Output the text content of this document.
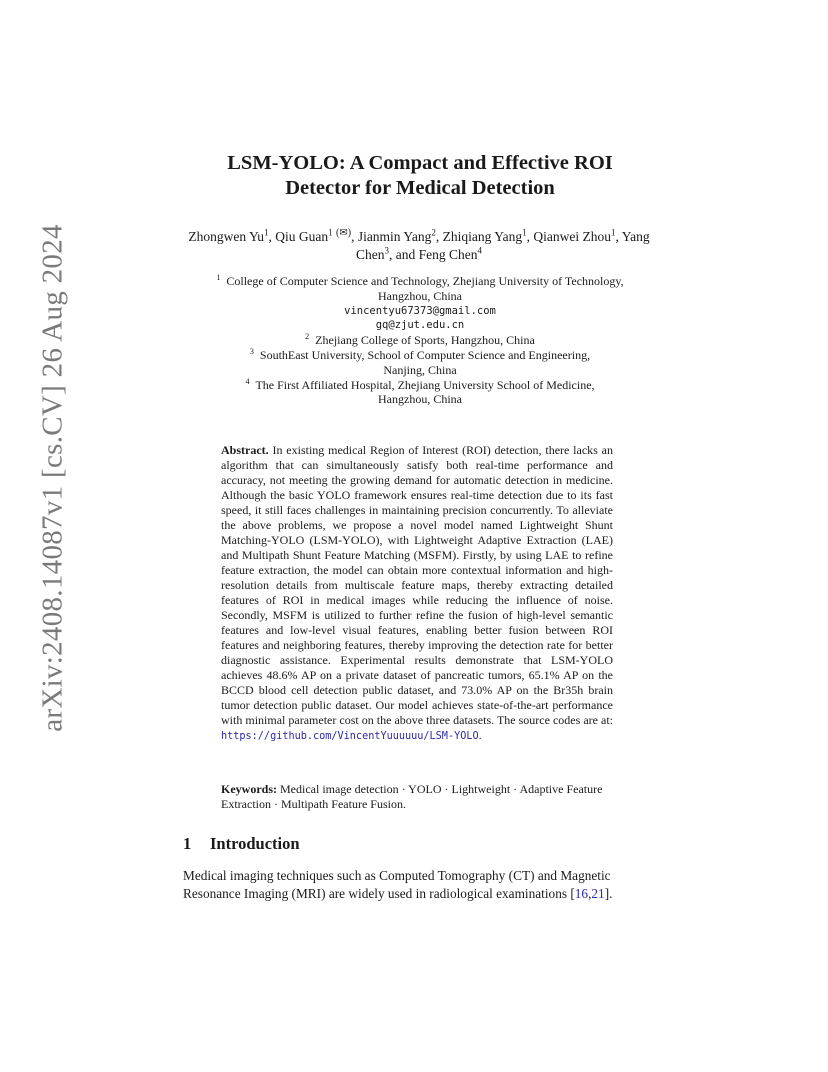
arXiv:2408.14087v1 [cs.CV] 26 Aug 2024
LSM-YOLO: A Compact and Effective ROI
Detector for Medical Detection
Zhongwen Yu$^1$, Qiu Guan$^1$ (✉), Jianmin Yang$^2$, Zhiqiang Yang$^1$, Qianwei Zhou$^1$, Yang Chen$^3$, and Feng Chen$^4$
$^1$ College of Computer Science and Technology, Zhejiang University of Technology,
Hangzhou, China
vincentyu67373@gmail.com
gq@zjut.edu.cn
$^2$ Zhejiang College of Sports, Hangzhou, China
$^3$ SouthEast University, School of Computer Science and Engineering,
Nanjing, China
$^4$ The First Affiliated Hospital, Zhejiang University School of Medicine,
Hangzhou, China

Abstract. In existing medical Region of Interest (ROI) detection, there lacks an algorithm that can simultaneously satisfy both real-time performance and accuracy, not meeting the growing demand for automatic detection in medicine. Although the basic YOLO framework ensures real-time detection due to its fast speed, it still faces challenges in maintaining precision concurrently. To alleviate the above problems, we propose a novel model named Lightweight Shunt Matching-YOLO (LSM-YOLO), with Lightweight Adaptive Extraction (LAE) and Multipath Shunt Feature Matching (MSFM). Firstly, by using LAE to refine feature extraction, the model can obtain more contextual information and high-resolution details from multiscale feature maps, thereby extracting detailed features of ROI in medical images while reducing the influence of noise. Secondly, MSFM is utilized to further refine the fusion of high-level semantic features and low-level visual features, enabling better fusion between ROI features and neighboring features, thereby improving the detection rate for better diagnostic assistance. Experimental results demonstrate that LSM-YOLO achieves 48.6% AP on a private dataset of pancreatic tumors, 65.1% AP on the BCCD blood cell detection public dataset, and 73.0% AP on the Br35h brain tumor detection public dataset. Our model achieves state-of-the-art performance with minimal parameter cost on the above three datasets. The source codes are at: https://github.com/VincentYuuuuuu/LSM-YOLO.

Keywords: Medical image detection · YOLO · Lightweight · Adaptive Feature Extraction · Multipath Feature Fusion.

1 Introduction

Medical imaging techniques such as Computed Tomography (CT) and Magnetic Resonance Imaging (MRI) are widely used in radiological examinations [16,21].
